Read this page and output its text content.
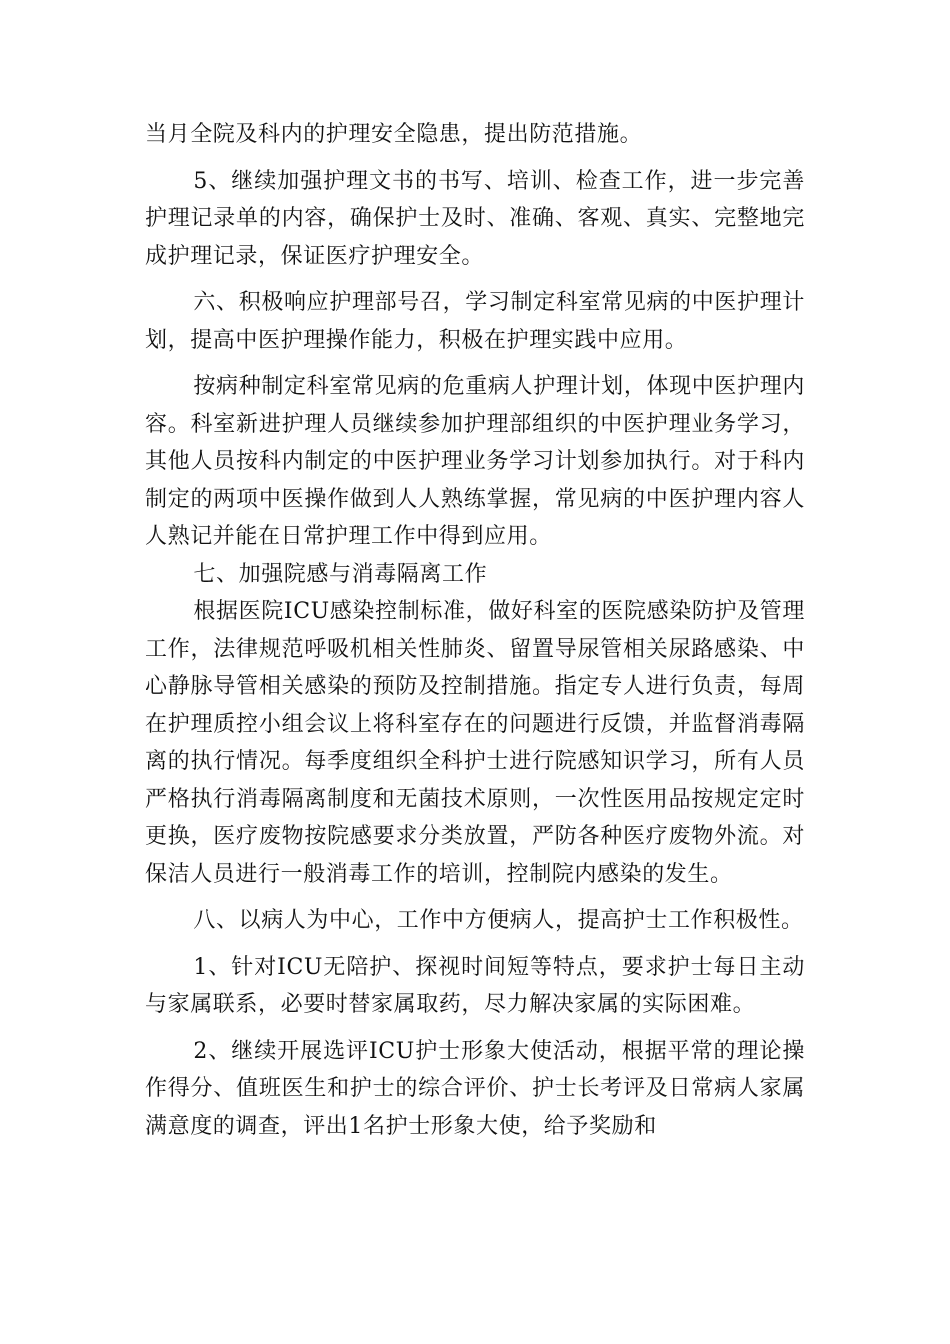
当月全院及科内的护理安全隐患，提出防范措施。

5、继续加强护理文书的书写、培训、检查工作，进一步完善护理记录单的内容，确保护士及时、准确、客观、真实、完整地完成护理记录，保证医疗护理安全。

六、积极响应护理部号召，学习制定科室常见病的中医护理计划，提高中医护理操作能力，积极在护理实践中应用。

按病种制定科室常见病的危重病人护理计划，体现中医护理内容。科室新进护理人员继续参加护理部组织的中医护理业务学习，其他人员按科内制定的中医护理业务学习计划参加执行。对于科内制定的两项中医操作做到人人熟练掌握，常见病的中医护理内容人人熟记并能在日常护理工作中得到应用。

七、加强院感与消毒隔离工作

根据医院ICU感染控制标准，做好科室的医院感染防护及管理工作，法律规范呼吸机相关性肺炎、留置导尿管相关尿路感染、中心静脉导管相关感染的预防及控制措施。指定专人进行负责，每周在护理质控小组会议上将科室存在的问题进行反馈，并监督消毒隔离的执行情况。每季度组织全科护士进行院感知识学习，所有人员严格执行消毒隔离制度和无菌技术原则，一次性医用品按规定定时更换，医疗废物按院感要求分类放置，严防各种医疗废物外流。对保洁人员进行一般消毒工作的培训，控制院内感染的发生。

八、以病人为中心，工作中方便病人，提高护士工作积极性。

1、针对ICU无陪护、探视时间短等特点，要求护士每日主动与家属联系，必要时替家属取药，尽力解决家属的实际困难。

2、继续开展选评ICU护士形象大使活动，根据平常的理论操作得分、值班医生和护士的综合评价、护士长考评及日常病人家属满意度的调查，评出1名护士形象大使，给予奖励和
